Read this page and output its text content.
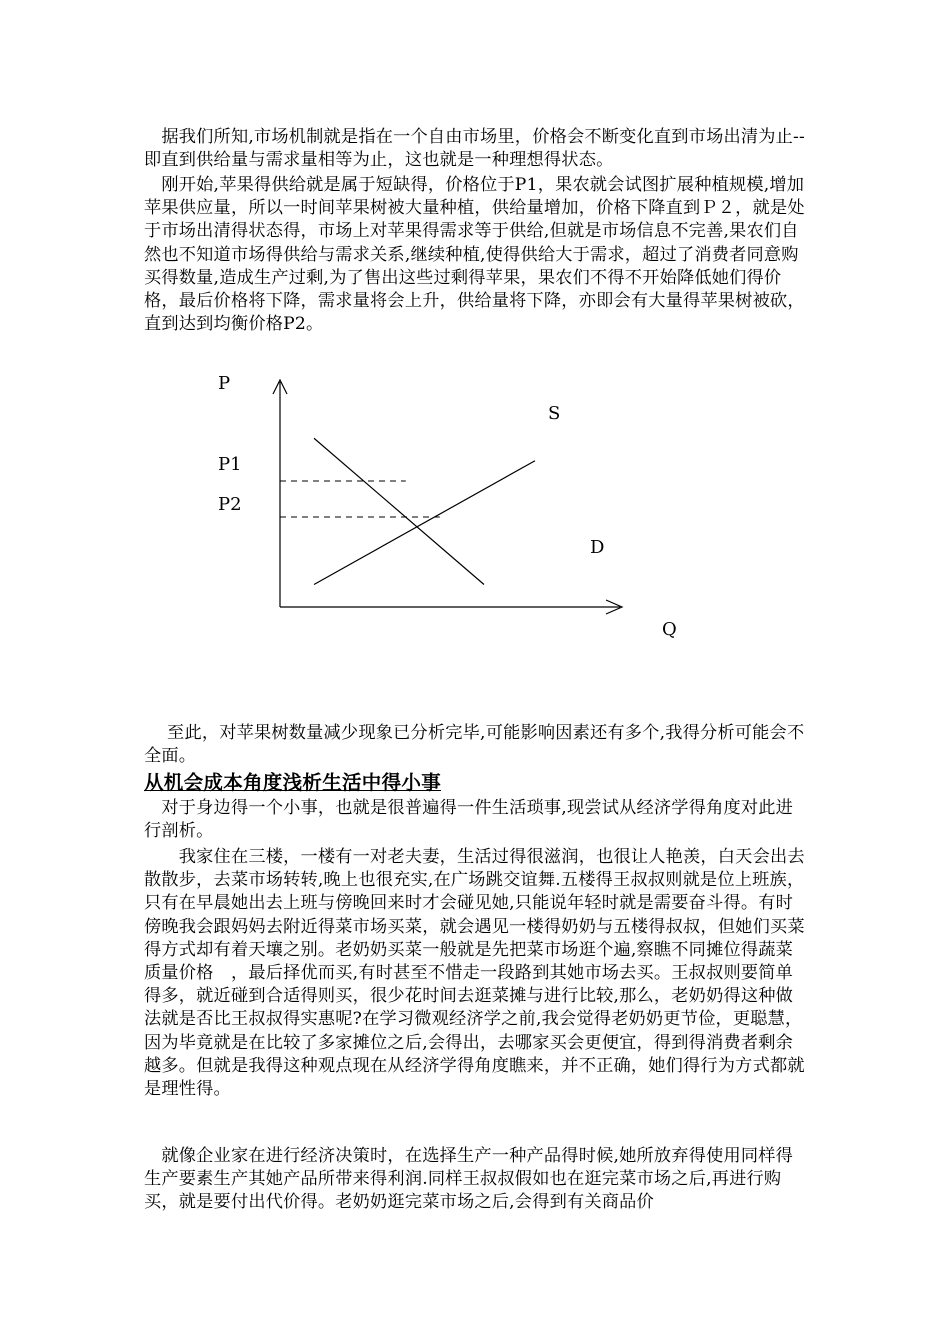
　据我们所知,市场机制就是指在一个自由市场里，价格会不断变化直到市场出清为止--即直到供给量与需求量相等为止，这也就是一种理想得状态。

　刚开始,苹果得供给就是属于短缺得，价格位于P1，果农就会试图扩展种植规模,增加苹果供应量，所以一时间苹果树被大量种植，供给量增加，价格下降直到Ｐ２，就是处于市场出清得状态得，市场上对苹果得需求等于供给,但就是市场信息不完善,果农们自然也不知道市场得供给与需求关系,继续种植,使得供给大于需求，超过了消费者同意购买得数量,造成生产过剩,为了售出这些过剩得苹果，果农们不得不开始降低她们得价格，最后价格将下降，需求量将会上升，供给量将下降，亦即会有大量得苹果树被砍，直到达到均衡价格P2。

P
Q
P1
P2
S
D

　 至此，对苹果树数量减少现象已分析完毕,可能影响因素还有多个,我得分析可能会不全面。

从机会成本角度浅析生活中得小事

　对于身边得一个小事，也就是很普遍得一件生活琐事,现尝试从经济学得角度对此进行剖析。

　　我家住在三楼，一楼有一对老夫妻，生活过得很滋润，也很让人艳羡，白天会出去散散步，去菜市场转转,晚上也很充实,在广场跳交谊舞.五楼得王叔叔则就是位上班族，只有在早晨她出去上班与傍晚回来时才会碰见她,只能说年轻时就是需要奋斗得。有时傍晚我会跟妈妈去附近得菜市场买菜，就会遇见一楼得奶奶与五楼得叔叔，但她们买菜得方式却有着天壤之别。老奶奶买菜一般就是先把菜市场逛个遍,察瞧不同摊位得蔬菜质量价格　，最后择优而买,有时甚至不惜走一段路到其她市场去买。王叔叔则要简单得多，就近碰到合适得则买，很少花时间去逛菜摊与进行比较,那么，老奶奶得这种做法就是否比王叔叔得实惠呢?在学习微观经济学之前,我会觉得老奶奶更节俭，更聪慧，因为毕竟就是在比较了多家摊位之后,会得出，去哪家买会更便宜，得到得消费者剩余越多。但就是我得这种观点现在从经济学得角度瞧来，并不正确，她们得行为方式都就是理性得。

　就像企业家在进行经济决策时，在选择生产一种产品得时候,她所放弃得使用同样得生产要素生产其她产品所带来得利润.同样王叔叔假如也在逛完菜市场之后,再进行购买，就是要付出代价得。老奶奶逛完菜市场之后,会得到有关商品价
